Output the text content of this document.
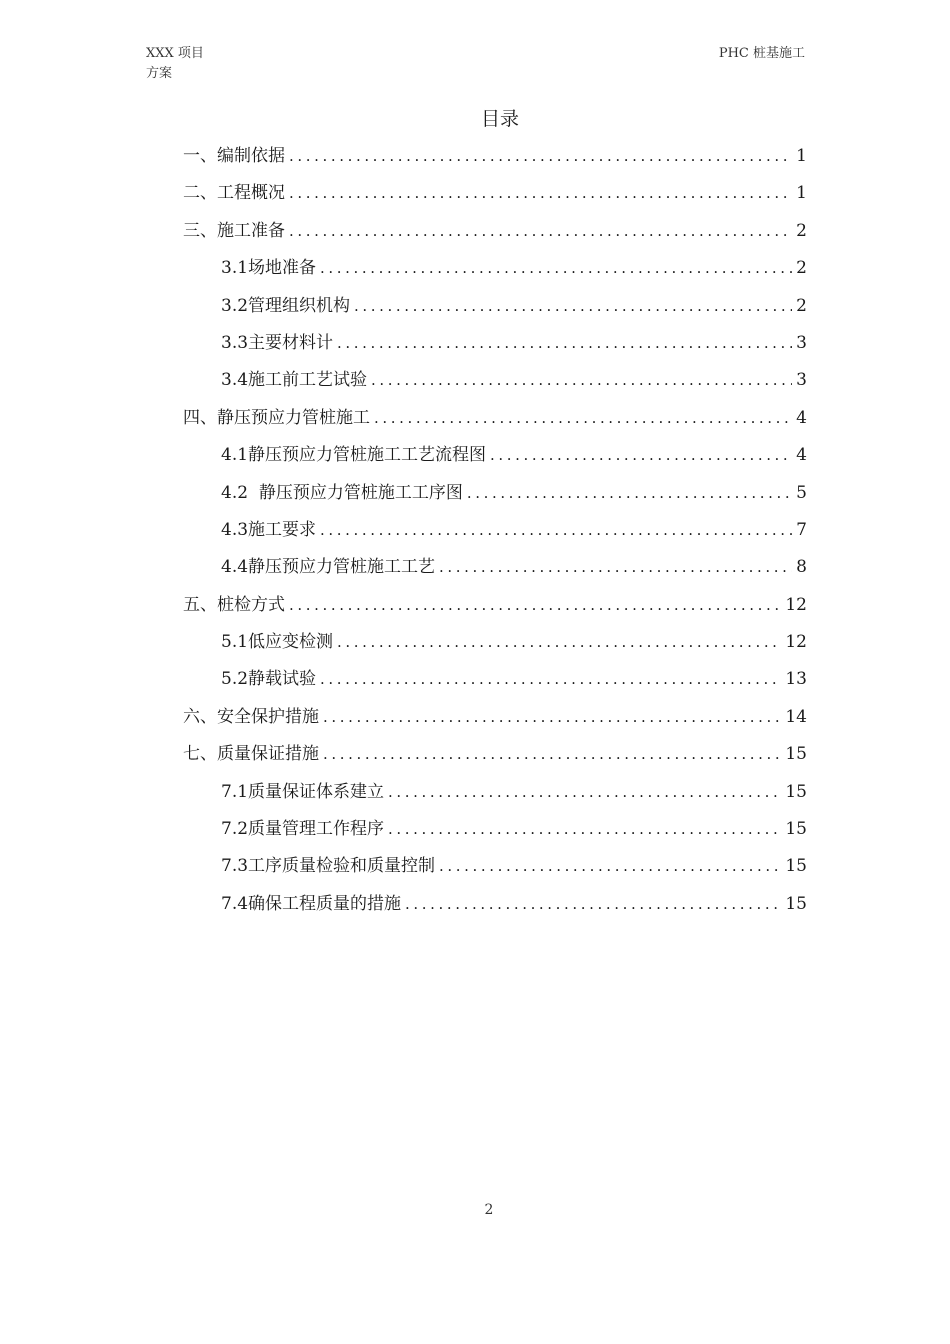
XXX 项目
方案
PHC 桩基施工
目录
一、编制依据 .....	1
二、工程概况 .....	1
三、施工准备 .....	2
3.1场地准备 .....	2
3.2管理组织机构 .....	2
3.3主要材料计 .....	3
3.4施工前工艺试验 .....	3
四、静压预应力管桩施工 .....	4
4.1静压预应力管桩施工工艺流程图 .....	4
4.2  静压预应力管桩施工工序图 .....	5
4.3施工要求 .....	7
4.4静压预应力管桩施工工艺 .....	8
五、桩检方式 .....	12
5.1低应变检测 .....	12
5.2静载试验 .....	13
六、安全保护措施 .....	14
七、质量保证措施 .....	15
7.1质量保证体系建立 .....	15
7.2质量管理工作程序 .....	15
7.3工序质量检验和质量控制 .....	15
7.4确保工程质量的措施 .....	15
2
